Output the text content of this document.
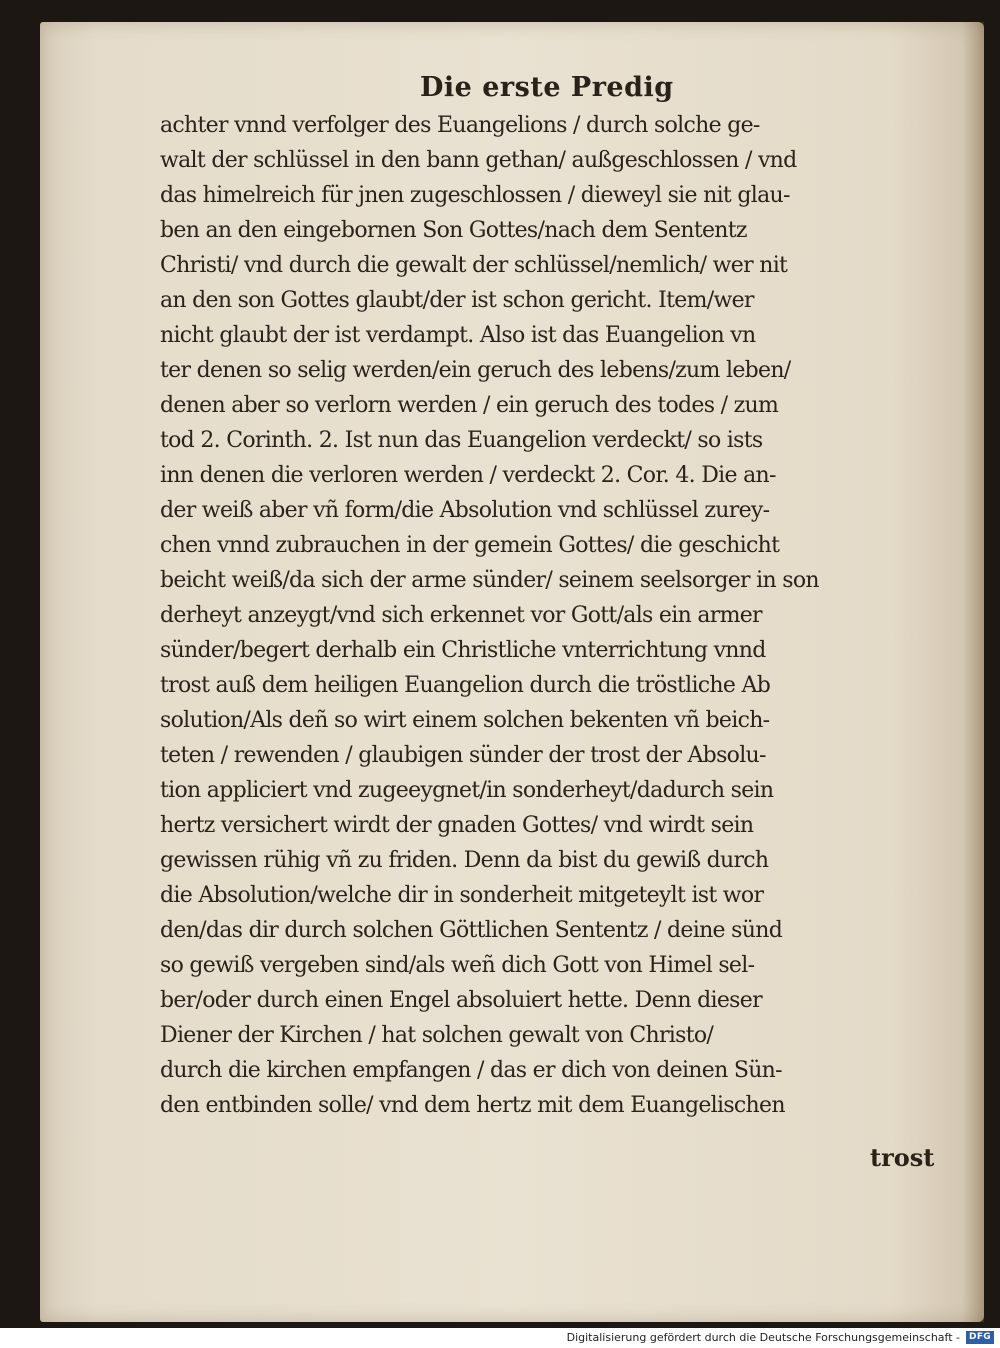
Die erste Predig
achter vnnd verfolger des Euangelions / durch solche ge-
walt der schlüssel in den bann gethan/ außgeschlossen / vnd
das himelreich für jnen zugeschlossen / dieweyl sie nit glau-
ben an den eingebornen Son Gottes/nach dem Sententz
Christi/ vnd durch die gewalt der schlüssel/nemlich/ wer nit
an den son Gottes glaubt/der ist schon gericht. Item/wer
nicht glaubt der ist verdampt. Also ist das Euangelion vn
ter denen so selig werden/ein geruch des lebens/zum leben/
denen aber so verlorn werden / ein geruch des todes / zum
tod 2. Corinth. 2. Ist nun das Euangelion verdeckt/ so ists
inn denen die verloren werden / verdeckt 2. Cor. 4. Die an-
der weiß aber vñ form/die Absolution vnd schlüssel zurey-
chen vnnd zubrauchen in der gemein Gottes/ die geschicht
beicht weiß/da sich der arme sünder/ seinem seelsorger in son
derheyt anzeygt/vnd sich erkennet vor Gott/als ein armer
sünder/begert derhalb ein Christliche vnterrichtung vnnd
trost auß dem heiligen Euangelion durch die tröstliche Ab
solution/Als deñ so wirt einem solchen bekenten vñ beich-
teten / rewenden / glaubigen sünder der trost der Absolu-
tion appliciert vnd zugeeygnet/in sonderheyt/dadurch sein
hertz versichert wirdt der gnaden Gottes/ vnd wirdt sein
gewissen rühig vñ zu friden. Denn da bist du gewiß durch
die Absolution/welche dir in sonderheit mitgeteylt ist wor
den/das dir durch solchen Göttlichen Sententz / deine sünd
so gewiß vergeben sind/als weñ dich Gott von Himel sel-
ber/oder durch einen Engel absoluiert hette. Denn dieser
Diener der Kirchen / hat solchen gewalt von Christo/
durch die kirchen empfangen / das er dich von deinen Sün-
den entbinden solle/ vnd dem hertz mit dem Euangelischen
trost
Digitalisierung gefördert durch die Deutsche Forschungsgemeinschaft -	DFG
